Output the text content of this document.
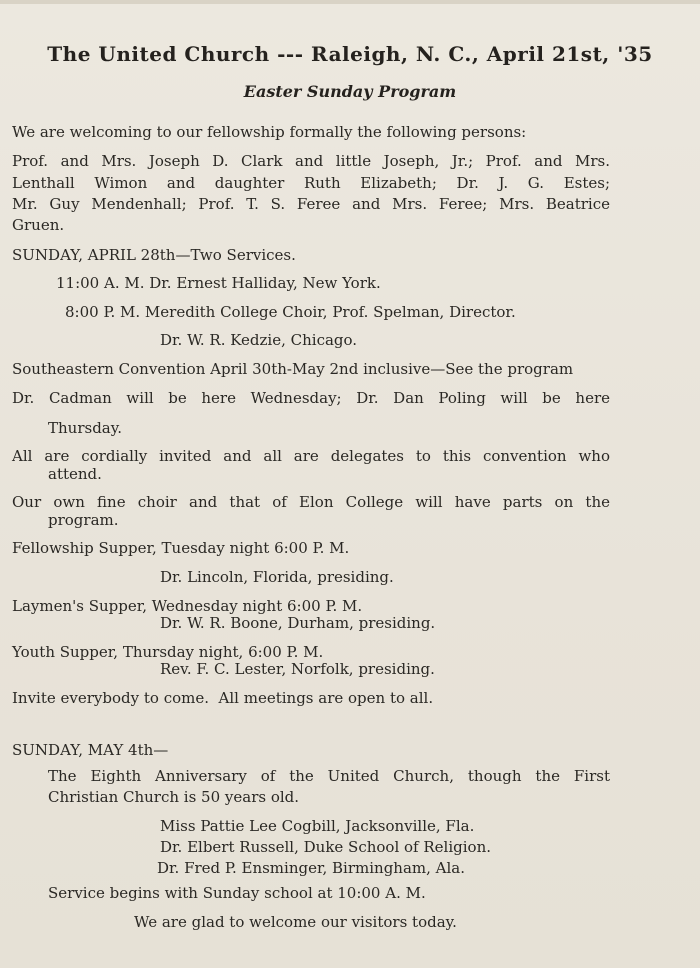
The United Church --- Raleigh, N. C., April 21st, '35
Easter Sunday Program
We are welcoming to our fellowship formally the following persons:
Prof. and Mrs. Joseph D. Clark and little Joseph, Jr.; Prof. and Mrs.
Lenthall Wimon and daughter Ruth Elizabeth; Dr. J. G. Estes;
Mr. Guy Mendenhall; Prof. T. S. Feree and Mrs. Feree; Mrs. Beatrice
Gruen.
SUNDAY, APRIL 28th—Two Services.
11:00 A. M. Dr. Ernest Halliday, New York.
8:00 P. M. Meredith College Choir, Prof. Spelman, Director.
Dr. W. R. Kedzie, Chicago.
Southeastern Convention April 30th-May 2nd inclusive—See the program
Dr. Cadman will be here Wednesday; Dr. Dan Poling will be here
Thursday.
All are cordially invited and all are delegates to this convention who
attend.
Our own fine choir and that of Elon College will have parts on the
program.
Fellowship Supper, Tuesday night 6:00 P. M.
Dr. Lincoln, Florida, presiding.
Laymen's Supper, Wednesday night 6:00 P. M.
Dr. W. R. Boone, Durham, presiding.
Youth Supper, Thursday night, 6:00 P. M.
Rev. F. C. Lester, Norfolk, presiding.
Invite everybody to come.  All meetings are open to all.
SUNDAY, MAY 4th—
The Eighth Anniversary of the United Church, though the First
Christian Church is 50 years old.
Miss Pattie Lee Cogbill, Jacksonville, Fla.
Dr. Elbert Russell, Duke School of Religion.
Dr. Fred P. Ensminger, Birmingham, Ala.
Service begins with Sunday school at 10:00 A. M.
We are glad to welcome our visitors today.
